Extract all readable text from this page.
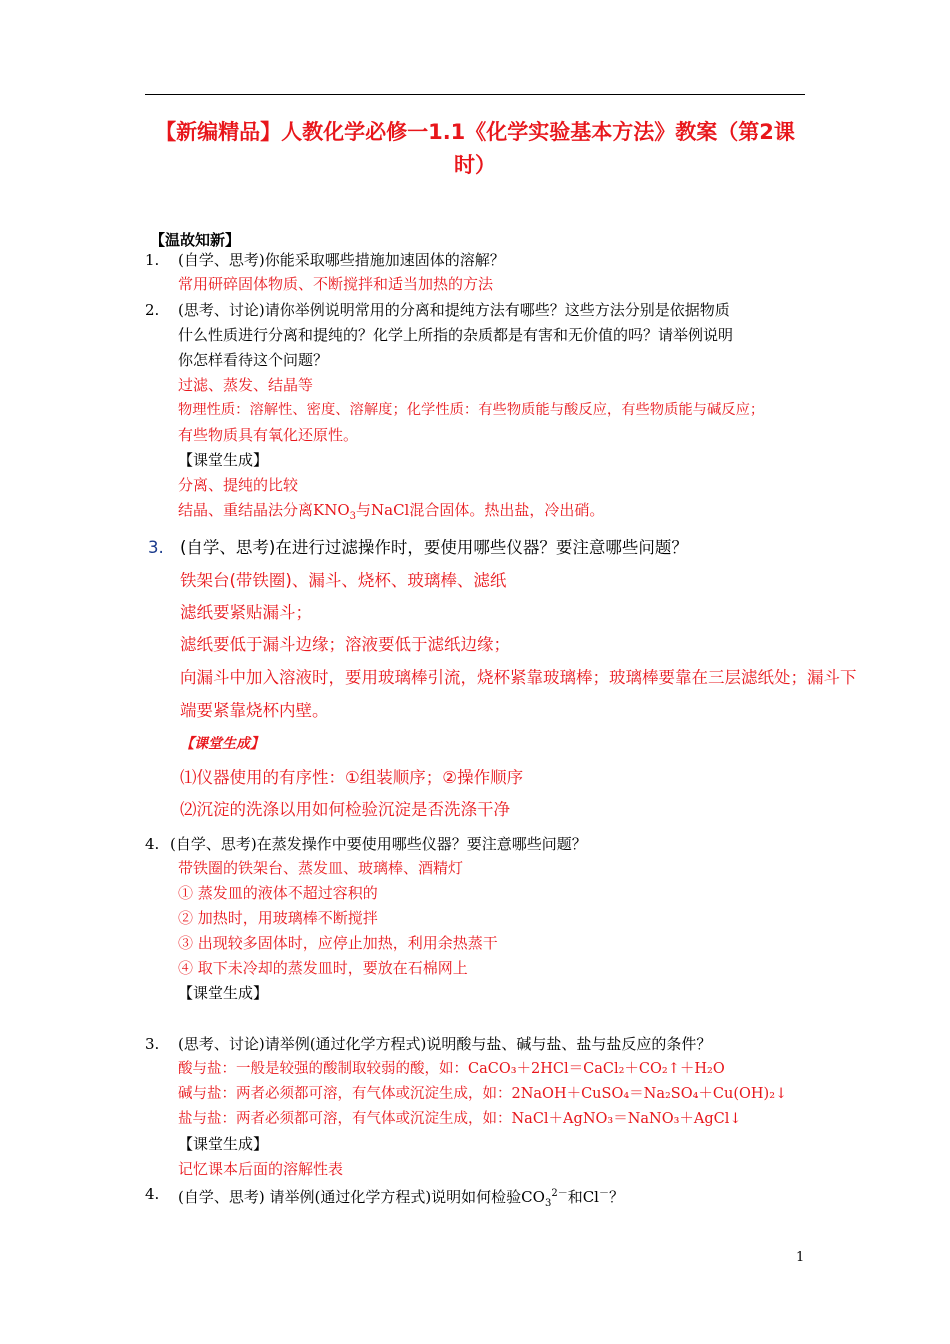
【新编精品】人教化学必修一1.1《化学实验基本方法》教案（第2课
时）
【温故知新】
1.	(自学、思考)你能采取哪些措施加速固体的溶解？
常用研碎固体物质、不断搅拌和适当加热的方法
2.	(思考、讨论)请你举例说明常用的分离和提纯方法有哪些？这些方法分别是依据物质
什么性质进行分离和提纯的？化学上所指的杂质都是有害和无价值的吗？请举例说明
你怎样看待这个问题？
过滤、蒸发、结晶等
物理性质：溶解性、密度、溶解度；化学性质：有些物质能与酸反应，有些物质能与碱反应；
有些物质具有氧化还原性。
【课堂生成】
分离、提纯的比较
结晶、重结晶法分离$KNO_3$与NaCl混合固体。热出盐，冷出硝。
3. (自学、思考)在进行过滤操作时，要使用哪些仪器？要注意哪些问题？
铁架台(带铁圈)、漏斗、烧杯、玻璃棒、滤纸
滤纸要紧贴漏斗；
滤纸要低于漏斗边缘；溶液要低于滤纸边缘；
向漏斗中加入溶液时，要用玻璃棒引流，烧杯紧靠玻璃棒；玻璃棒要靠在三层滤纸处；漏斗下
端要紧靠烧杯内壁。
【课堂生成】
⑴仪器使用的有序性：①组装顺序；②操作顺序
⑵沉淀的洗涤以用如何检验沉淀是否洗涤干净
4. (自学、思考)在蒸发操作中要使用哪些仪器？要注意哪些问题？
带铁圈的铁架台、蒸发皿、玻璃棒、酒精灯
① 蒸发皿的液体不超过容积的
② 加热时，用玻璃棒不断搅拌
③ 出现较多固体时，应停止加热，利用余热蒸干
④ 取下未冷却的蒸发皿时，要放在石棉网上
【课堂生成】
3.	(思考、讨论)请举例(通过化学方程式)说明酸与盐、碱与盐、盐与盐反应的条件？
酸与盐：一般是较强的酸制取较弱的酸，如：CaCO₃＋2HCl＝CaCl₂＋CO₂↑＋H₂O
碱与盐：两者必须都可溶，有气体或沉淀生成，如：2NaOH＋CuSO₄＝Na₂SO₄＋Cu(OH)₂↓
盐与盐：两者必须都可溶，有气体或沉淀生成，如：NaCl＋AgNO₃＝NaNO₃＋AgCl↓
【课堂生成】
记忆课本后面的溶解性表
4.	(自学、思考) 请举例(通过化学方程式)说明如何检验$CO_3^{2-}$和Cl－？
1
